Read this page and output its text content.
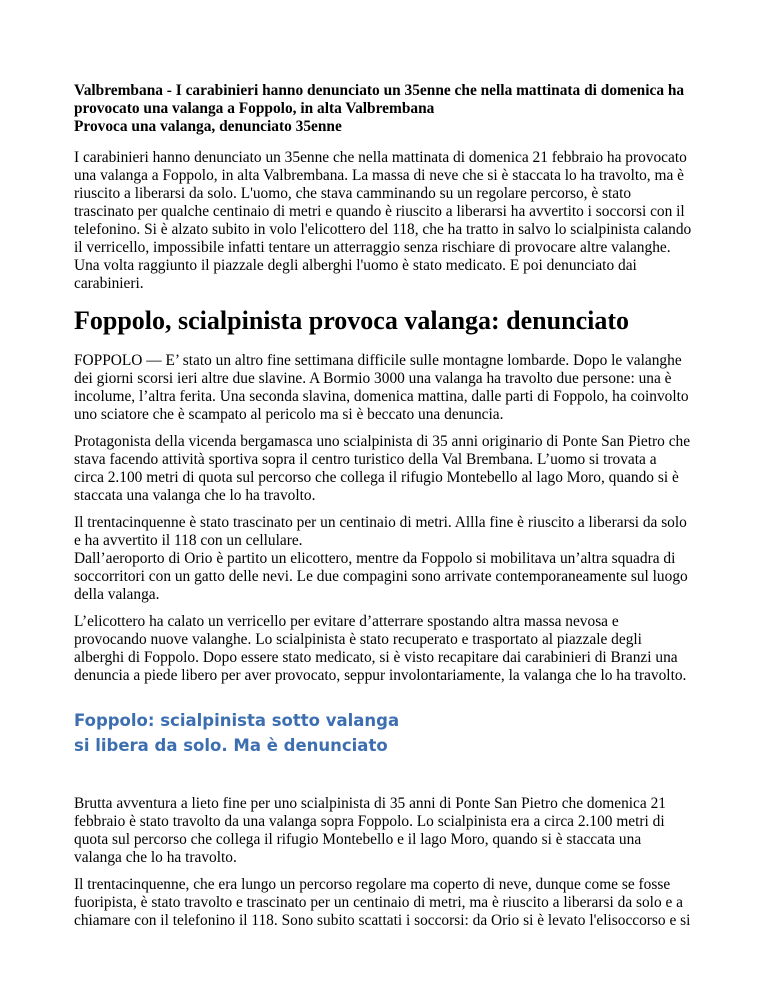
Valbrembana - I carabinieri hanno denunciato un 35enne che nella mattinata di domenica ha
provocato una valanga a Foppolo, in alta Valbrembana
Provoca una valanga, denunciato 35enne
I carabinieri hanno denunciato un 35enne che nella mattinata di domenica 21 febbraio ha provocato
una valanga a Foppolo, in alta Valbrembana. La massa di neve che si è staccata lo ha travolto, ma è
riuscito a liberarsi da solo. L'uomo, che stava camminando su un regolare percorso, è stato
trascinato per qualche centinaio di metri e quando è riuscito a liberarsi ha avvertito i soccorsi con il
telefonino. Si è alzato subito in volo l'elicottero del 118, che ha tratto in salvo lo scialpinista calando
il verricello, impossibile infatti tentare un atterraggio senza rischiare di provocare altre valanghe.
Una volta raggiunto il piazzale degli alberghi l'uomo è stato medicato. E poi denunciato dai
carabinieri.
Foppolo, scialpinista provoca valanga: denunciato
FOPPOLO — E’ stato un altro fine settimana difficile sulle montagne lombarde. Dopo le valanghe
dei giorni scorsi ieri altre due slavine. A Bormio 3000 una valanga ha travolto due persone: una è
incolume, l’altra ferita. Una seconda slavina, domenica mattina, dalle parti di Foppolo, ha coinvolto
uno sciatore che è scampato al pericolo ma si è beccato una denuncia.
Protagonista della vicenda bergamasca uno scialpinista di 35 anni originario di Ponte San Pietro che
stava facendo attività sportiva sopra il centro turistico della Val Brembana. L’uomo si trovata a
circa 2.100 metri di quota sul percorso che collega il rifugio Montebello al lago Moro, quando si è
staccata una valanga che lo ha travolto.
Il trentacinquenne è stato trascinato per un centinaio di metri. Allla fine è riuscito a liberarsi da solo
e ha avvertito il 118 con un cellulare.
Dall’aeroporto di Orio è partito un elicottero, mentre da Foppolo si mobilitava un’altra squadra di
soccorritori con un gatto delle nevi. Le due compagini sono arrivate contemporaneamente sul luogo
della valanga.
L’elicottero ha calato un verricello per evitare d’atterrare spostando altra massa nevosa e
provocando nuove valanghe. Lo scialpinista è stato recuperato e trasportato al piazzale degli
alberghi di Foppolo. Dopo essere stato medicato, si è visto recapitare dai carabinieri di Branzi una
denuncia a piede libero per aver provocato, seppur involontariamente, la valanga che lo ha travolto.
Foppolo: scialpinista sotto valanga
si libera da solo. Ma è denunciato
Brutta avventura a lieto fine per uno scialpinista di 35 anni di Ponte San Pietro che domenica 21
febbraio è stato travolto da una valanga sopra Foppolo. Lo scialpinista era a circa 2.100 metri di
quota sul percorso che collega il rifugio Montebello e il lago Moro, quando si è staccata una
valanga che lo ha travolto.
Il trentacinquenne, che era lungo un percorso regolare ma coperto di neve, dunque come se fosse
fuoripista, è stato travolto e trascinato per un centinaio di metri, ma è riuscito a liberarsi da solo e a
chiamare con il telefonino il 118. Sono subito scattati i soccorsi: da Orio si è levato l'elisoccorso e si
